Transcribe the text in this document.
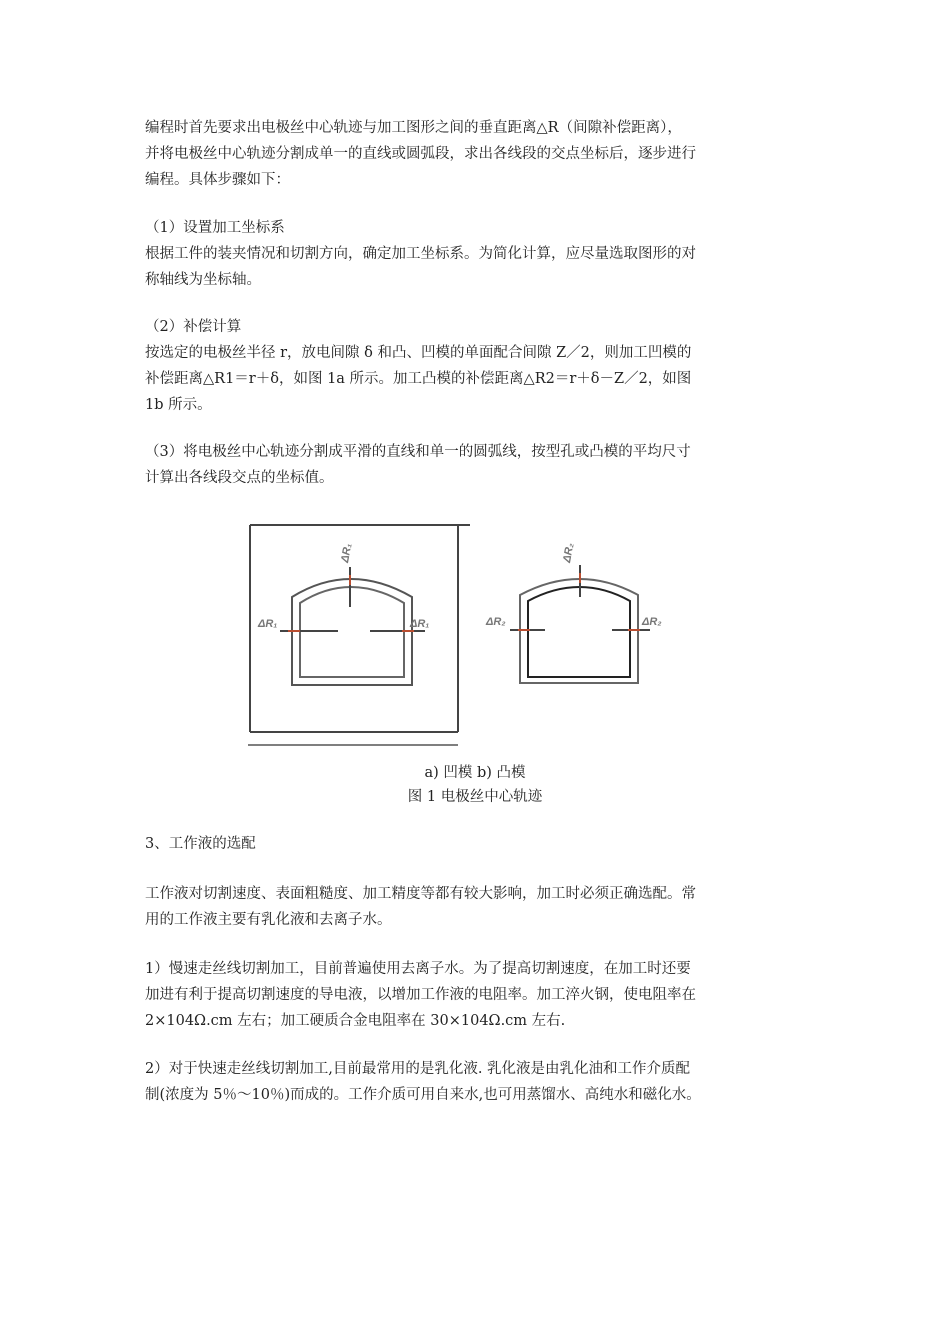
编程时首先要求出电极丝中心轨迹与加工图形之间的垂直距离△R（间隙补偿距离），
并将电极丝中心轨迹分割成单一的直线或圆弧段，求出各线段的交点坐标后，逐步进行
编程。具体步骤如下：
（1）设置加工坐标系
根据工件的装夹情况和切割方向，确定加工坐标系。为简化计算，应尽量选取图形的对
称轴线为坐标轴。
（2）补偿计算
按选定的电极丝半径 r，放电间隙 δ 和凸、凹模的单面配合间隙 Z／2，则加工凹模的
补偿距离△R1＝r＋δ，如图 1a 所示。加工凸模的补偿距离△R2＝r＋δ－Z／2，如图
1b 所示。
（3）将电极丝中心轨迹分割成平滑的直线和单一的圆弧线，按型孔或凸模的平均尺寸
计算出各线段交点的坐标值。
ΔR₁
ΔR₁	ΔR₁
ΔR₂
ΔR₂	ΔR₂
a) 凹模 b) 凸模
图 1 电极丝中心轨迹
3、工作液的选配
工作液对切割速度、表面粗糙度、加工精度等都有较大影响，加工时必须正确选配。常
用的工作液主要有乳化液和去离子水。
1）慢速走丝线切割加工，目前普遍使用去离子水。为了提高切割速度，在加工时还要
加进有利于提高切割速度的导电液，以增加工作液的电阻率。加工淬火钢，使电阻率在
2×104Ω.cm 左右；加工硬质合金电阻率在 30×104Ω.cm 左右.
2）对于快速走丝线切割加工,目前最常用的是乳化液. 乳化液是由乳化油和工作介质配
制(浓度为 5％～10％)而成的。工作介质可用自来水,也可用蒸馏水、高纯水和磁化水。
